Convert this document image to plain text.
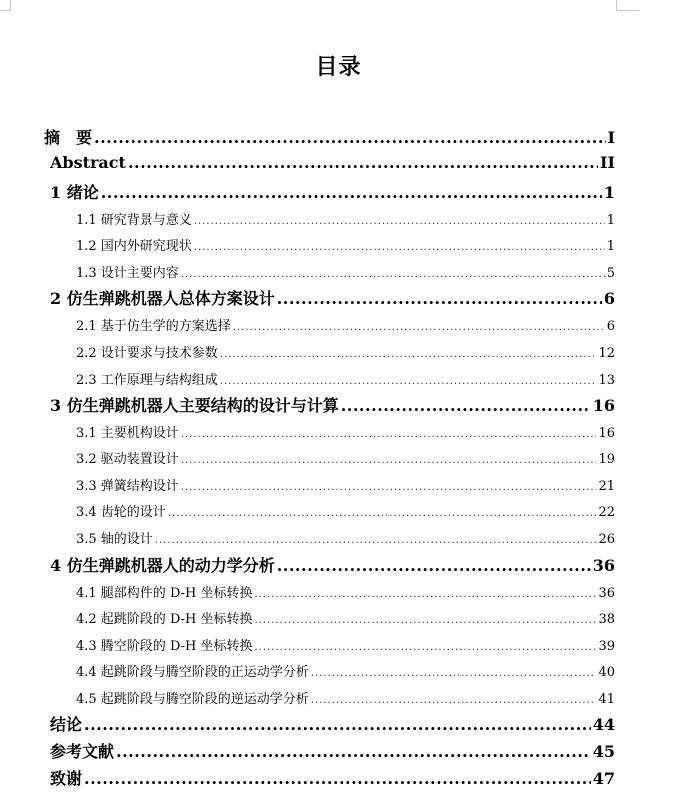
目录
摘　要 .....	I
Abstract .....	II
1 绪论 .....	1
1.1 研究背景与意义 .....	1
1.2 国内外研究现状 .....	1
1.3 设计主要内容 .....	5
2 仿生弹跳机器人总体方案设计 .....	6
2.1 基于仿生学的方案选择 .....	6
2.2 设计要求与技术参数 .....	12
2.3 工作原理与结构组成 .....	13
3 仿生弹跳机器人主要结构的设计与计算 .....	16
3.1 主要机构设计 .....	16
3.2 驱动装置设计 .....	19
3.3 弹簧结构设计 .....	21
3.4 齿轮的设计 .....	22
3.5 轴的设计 .....	26
4 仿生弹跳机器人的动力学分析 .....	36
4.1 腿部构件的 D-H 坐标转换 .....	36
4.2 起跳阶段的 D-H 坐标转换 .....	38
4.3 腾空阶段的 D-H 坐标转换 .....	39
4.4 起跳阶段与腾空阶段的正运动学分析 .....	40
4.5 起跳阶段与腾空阶段的逆运动学分析 .....	41
结论 .....	44
参考文献 .....	45
致谢 .....	47
